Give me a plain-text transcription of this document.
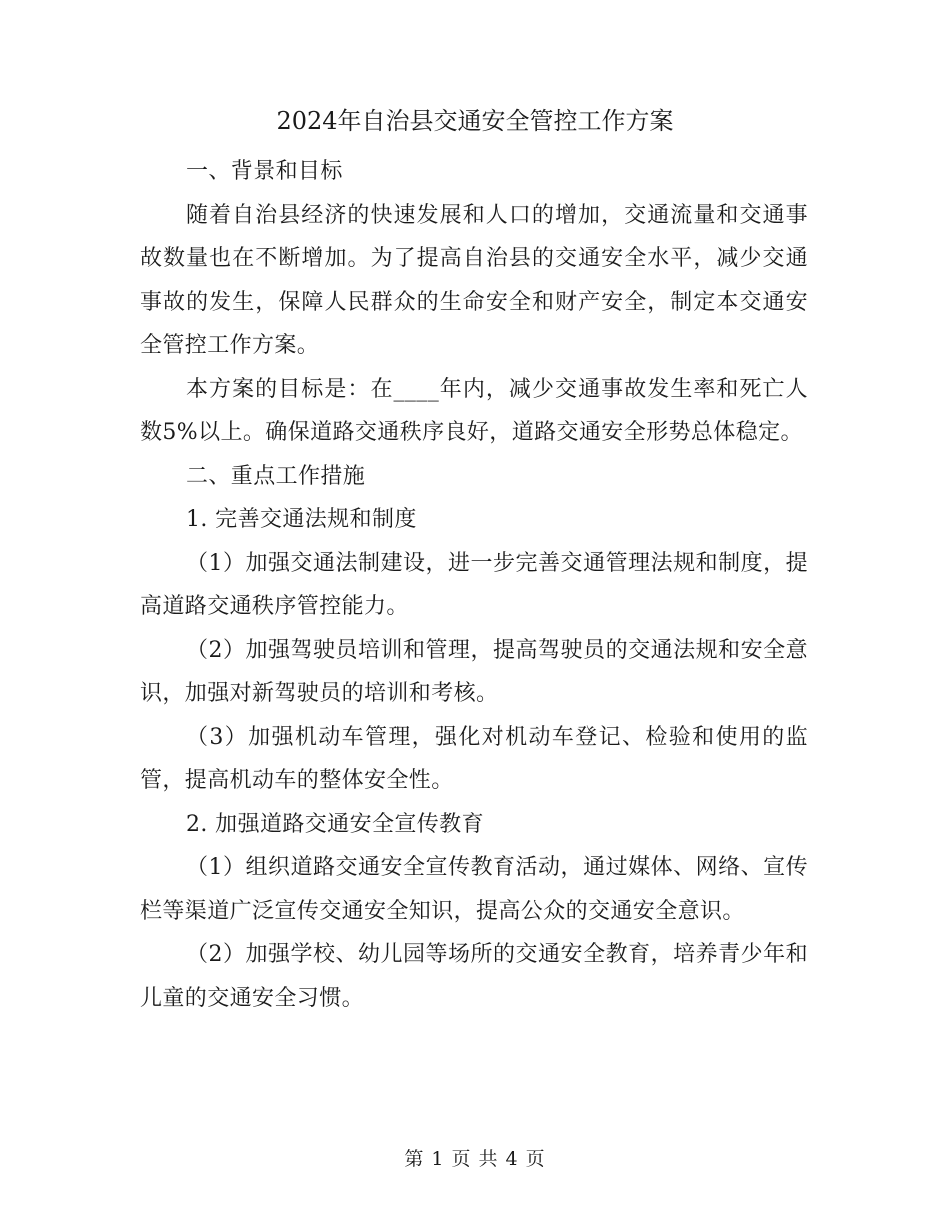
2024年自治县交通安全管控工作方案

一、背景和目标

随着自治县经济的快速发展和人口的增加，交通流量和交通事故数量也在不断增加。为了提高自治县的交通安全水平，减少交通事故的发生，保障人民群众的生命安全和财产安全，制定本交通安全管控工作方案。

本方案的目标是：在____年内，减少交通事故发生率和死亡人数5%以上。确保道路交通秩序良好，道路交通安全形势总体稳定。

二、重点工作措施

1. 完善交通法规和制度

（1）加强交通法制建设，进一步完善交通管理法规和制度，提高道路交通秩序管控能力。

（2）加强驾驶员培训和管理，提高驾驶员的交通法规和安全意识，加强对新驾驶员的培训和考核。

（3）加强机动车管理，强化对机动车登记、检验和使用的监管，提高机动车的整体安全性。

2. 加强道路交通安全宣传教育

（1）组织道路交通安全宣传教育活动，通过媒体、网络、宣传栏等渠道广泛宣传交通安全知识，提高公众的交通安全意识。

（2）加强学校、幼儿园等场所的交通安全教育，培养青少年和儿童的交通安全习惯。

第 1 页 共 4 页
